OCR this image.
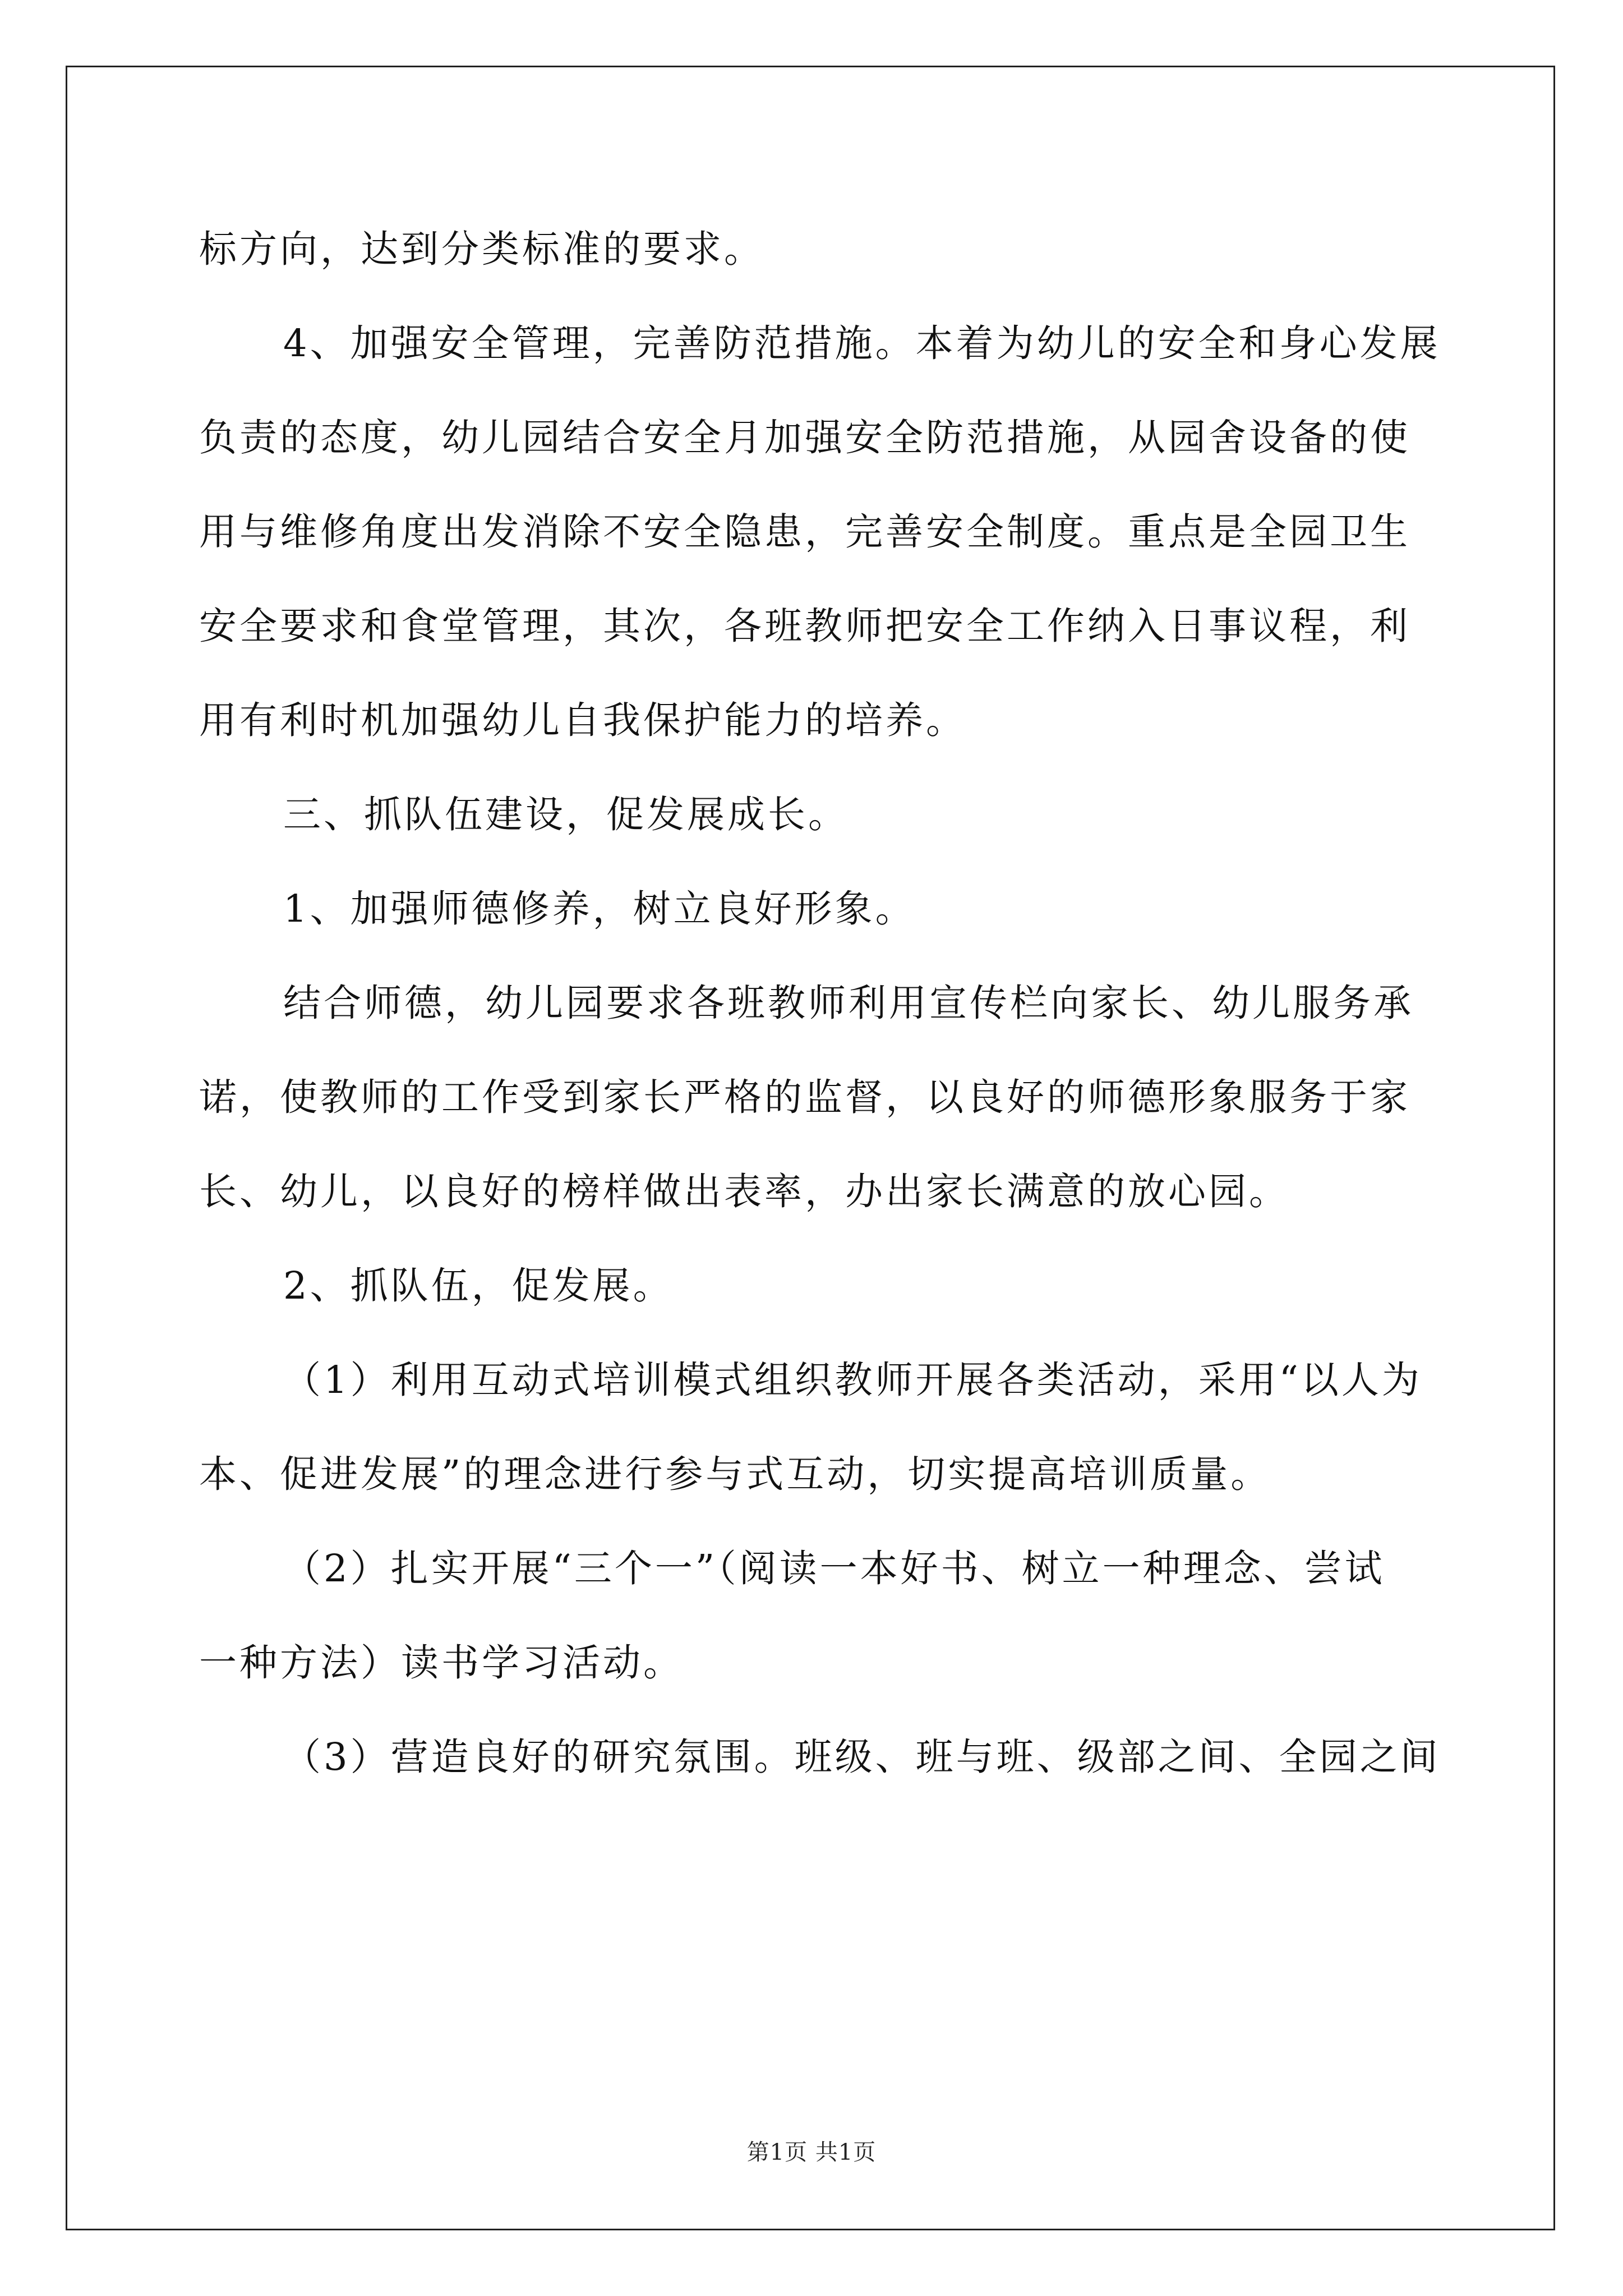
标方向，达到分类标准的要求。
4、加强安全管理，完善防范措施。本着为幼儿的安全和身心发展
负责的态度，幼儿园结合安全月加强安全防范措施，从园舍设备的使
用与维修角度出发消除不安全隐患，完善安全制度。重点是全园卫生
安全要求和食堂管理，其次，各班教师把安全工作纳入日事议程，利
用有利时机加强幼儿自我保护能力的培养。
三、抓队伍建设，促发展成长。
1、加强师德修养，树立良好形象。
结合师德，幼儿园要求各班教师利用宣传栏向家长、幼儿服务承
诺，使教师的工作受到家长严格的监督，以良好的师德形象服务于家
长、幼儿，以良好的榜样做出表率，办出家长满意的放心园。
2、抓队伍，促发展。
（1）利用互动式培训模式组织教师开展各类活动，采用“以人为
本、促进发展”的理念进行参与式互动，切实提高培训质量。
（2）扎实开展“三个一”（阅读一本好书、树立一种理念、尝试
一种方法）读书学习活动。
（3）营造良好的研究氛围。班级、班与班、级部之间、全园之间
第1页 共1页
